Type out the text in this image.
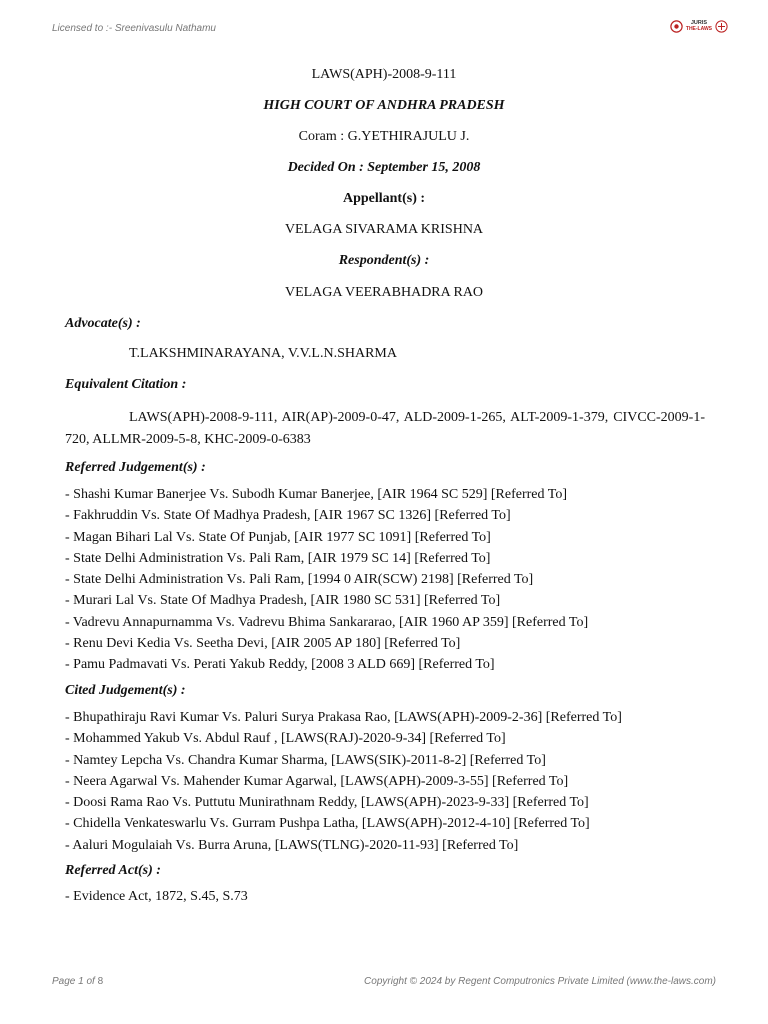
Licensed to :- Sreenivasulu Nathamu	JURIS
THE-LAWS
LAWS(APH)-2008-9-111
HIGH COURT OF ANDHRA PRADESH
Coram : G.YETHIRAJULU J.
Decided On : September 15, 2008
Appellant(s) :
VELAGA SIVARAMA KRISHNA
Respondent(s) :
VELAGA VEERABHADRA RAO
Advocate(s) :
T.LAKSHMINARAYANA, V.V.L.N.SHARMA
Equivalent Citation :
LAWS(APH)-2008-9-111, AIR(AP)-2009-0-47, ALD-2009-1-265, ALT-2009-1-379, CIVCC-2009-1-720, ALLMR-2009-5-8, KHC-2009-0-6383
Referred Judgement(s) :
- Shashi Kumar Banerjee Vs. Subodh Kumar Banerjee, [AIR 1964 SC 529] [Referred To]
- Fakhruddin Vs. State Of Madhya Pradesh, [AIR 1967 SC 1326] [Referred To]
- Magan Bihari Lal Vs. State Of Punjab, [AIR 1977 SC 1091] [Referred To]
- State Delhi Administration Vs. Pali Ram, [AIR 1979 SC 14] [Referred To]
- State Delhi Administration Vs. Pali Ram, [1994 0 AIR(SCW) 2198] [Referred To]
- Murari Lal Vs. State Of Madhya Pradesh, [AIR 1980 SC 531] [Referred To]
- Vadrevu Annapurnamma Vs. Vadrevu Bhima Sankararao, [AIR 1960 AP 359] [Referred To]
- Renu Devi Kedia Vs. Seetha Devi, [AIR 2005 AP 180] [Referred To]
- Pamu Padmavati Vs. Perati Yakub Reddy, [2008 3 ALD 669] [Referred To]
Cited Judgement(s) :
- Bhupathiraju Ravi Kumar Vs. Paluri Surya Prakasa Rao, [LAWS(APH)-2009-2-36] [Referred To]
- Mohammed Yakub Vs. Abdul Rauf , [LAWS(RAJ)-2020-9-34] [Referred To]
- Namtey Lepcha Vs. Chandra Kumar Sharma, [LAWS(SIK)-2011-8-2] [Referred To]
- Neera Agarwal Vs. Mahender Kumar Agarwal, [LAWS(APH)-2009-3-55] [Referred To]
- Doosi Rama Rao Vs. Puttutu Munirathnam Reddy, [LAWS(APH)-2023-9-33] [Referred To]
- Chidella Venkateswarlu Vs. Gurram Pushpa Latha, [LAWS(APH)-2012-4-10] [Referred To]
- Aaluri Mogulaiah Vs. Burra Aruna, [LAWS(TLNG)-2020-11-93] [Referred To]
Referred Act(s) :
- Evidence Act, 1872, S.45, S.73
Page 1 of 8	Copyright © 2024 by Regent Computronics Private Limited (www.the-laws.com)
